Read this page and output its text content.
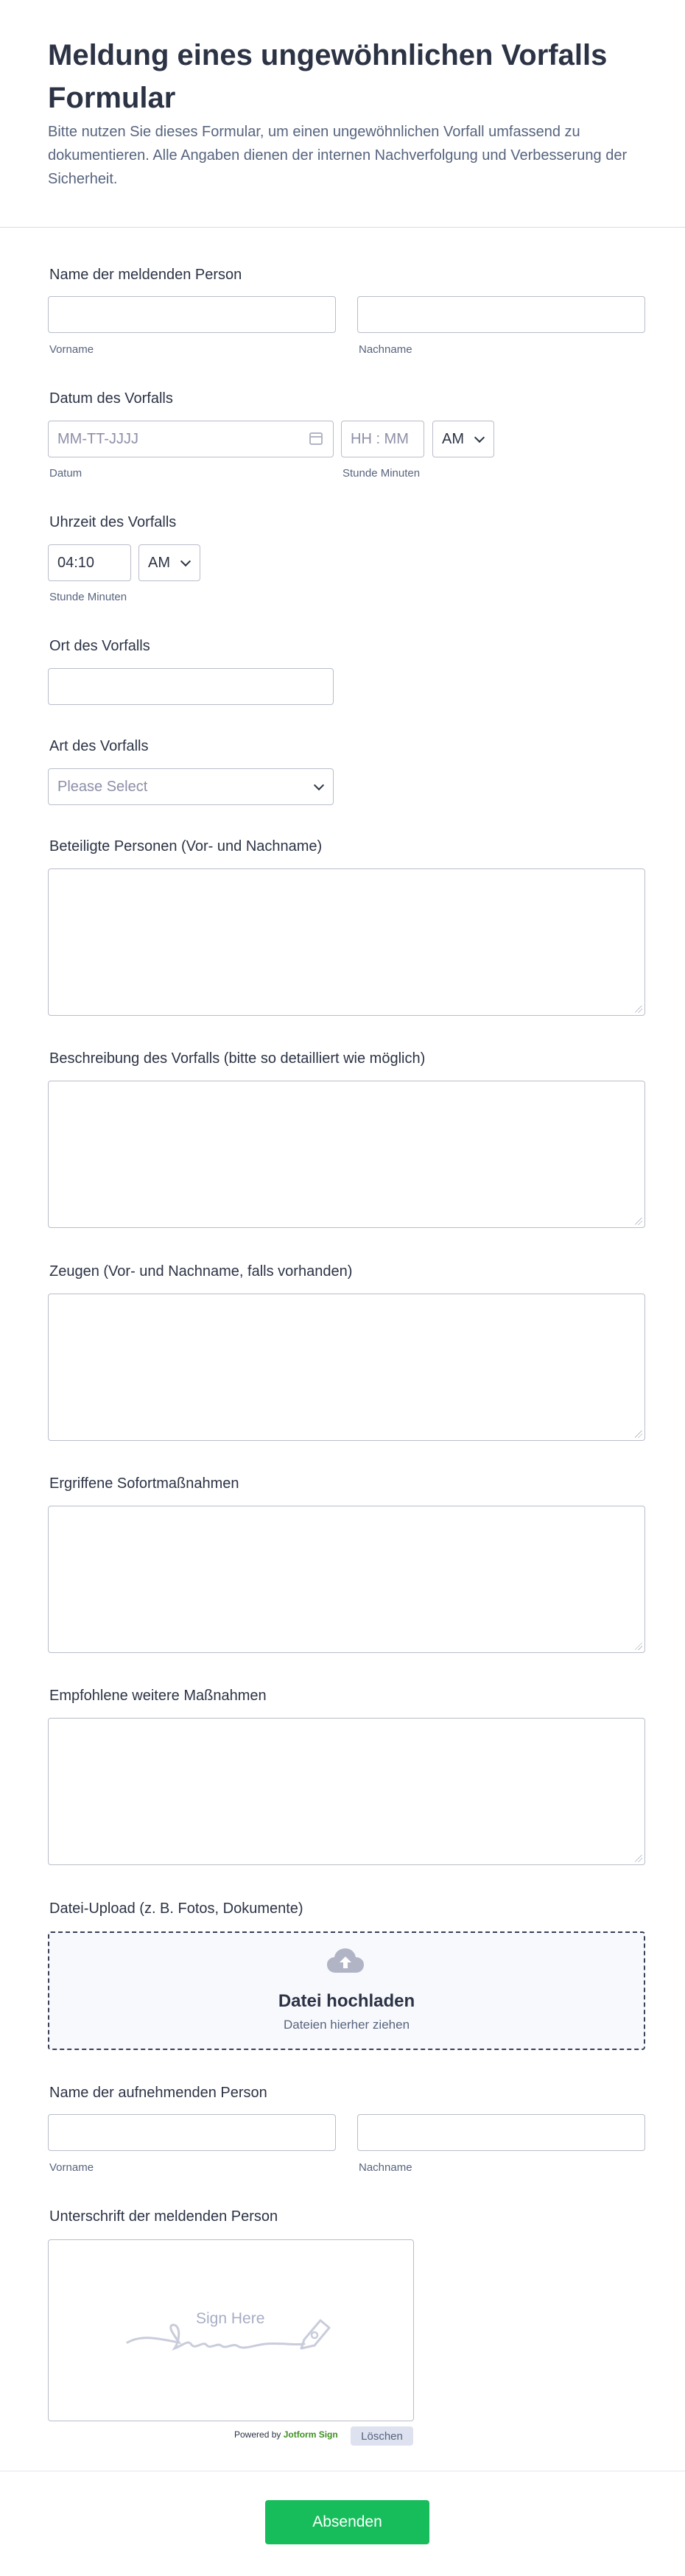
Meldung eines ungewöhnlichen Vorfalls Formular

Bitte nutzen Sie dieses Formular, um einen ungewöhnlichen Vorfall umfassend zu dokumentieren. Alle Angaben dienen der internen Nachverfolgung und Verbesserung der Sicherheit.

Name der meldenden Person
Vorname	Nachname
Datum des Vorfalls
MM-TT-JJJJ	HH : MM AM
Datum	Stunde Minuten
Uhrzeit des Vorfalls
04:10	AM
Stunde Minuten
Ort des Vorfalls
Art des Vorfalls
Please Select
Beteiligte Personen (Vor- und Nachname)
Beschreibung des Vorfalls (bitte so detailliert wie möglich)
Zeugen (Vor- und Nachname, falls vorhanden)
Ergriffene Sofortmaßnahmen
Empfohlene weitere Maßnahmen
Datei-Upload (z. B. Fotos, Dokumente)
Datei hochladen
Dateien hierher ziehen
Name der aufnehmenden Person
Vorname	Nachname
Unterschrift der meldenden Person
Sign Here
Powered by Jotform Sign	Löschen
Absenden
